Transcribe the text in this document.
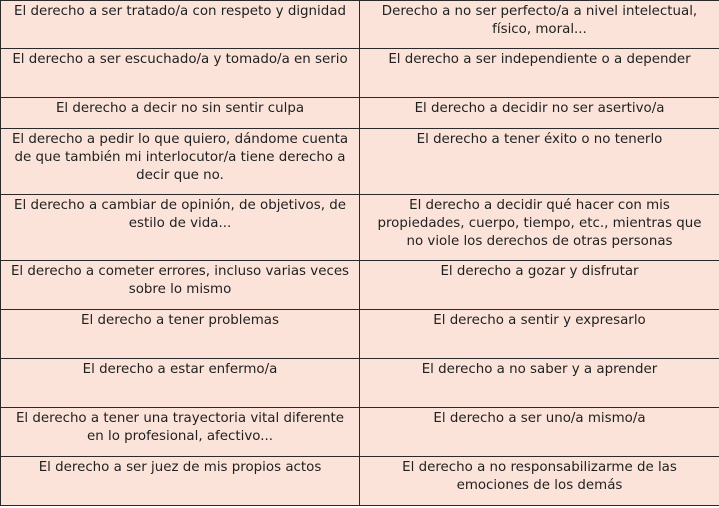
El derecho a ser tratado/a con respeto y dignidad	Derecho a no ser perfecto/a a nivel intelectual, físico, moral...
El derecho a ser escuchado/a y tomado/a en serio	El derecho a ser independiente o a depender
El derecho a decir no sin sentir culpa	El derecho a decidir no ser asertivo/a
El derecho a pedir lo que quiero, dándome cuenta de que también mi interlocutor/a tiene derecho a decir que no.	El derecho a tener éxito o no tenerlo
El derecho a cambiar de opinión, de objetivos, de estilo de vida...	El derecho a decidir qué hacer con mis propiedades, cuerpo, tiempo, etc., mientras que no viole los derechos de otras personas
El derecho a cometer errores, incluso varias veces sobre lo mismo	El derecho a gozar y disfrutar
El derecho a tener problemas	El derecho a sentir y expresarlo
El derecho a estar enfermo/a	El derecho a no saber y a aprender
El derecho a tener una trayectoria vital diferente en lo profesional, afectivo...	El derecho a ser uno/a mismo/a
El derecho a ser juez de mis propios actos	El derecho a no responsabilizarme de las emociones de los demás
